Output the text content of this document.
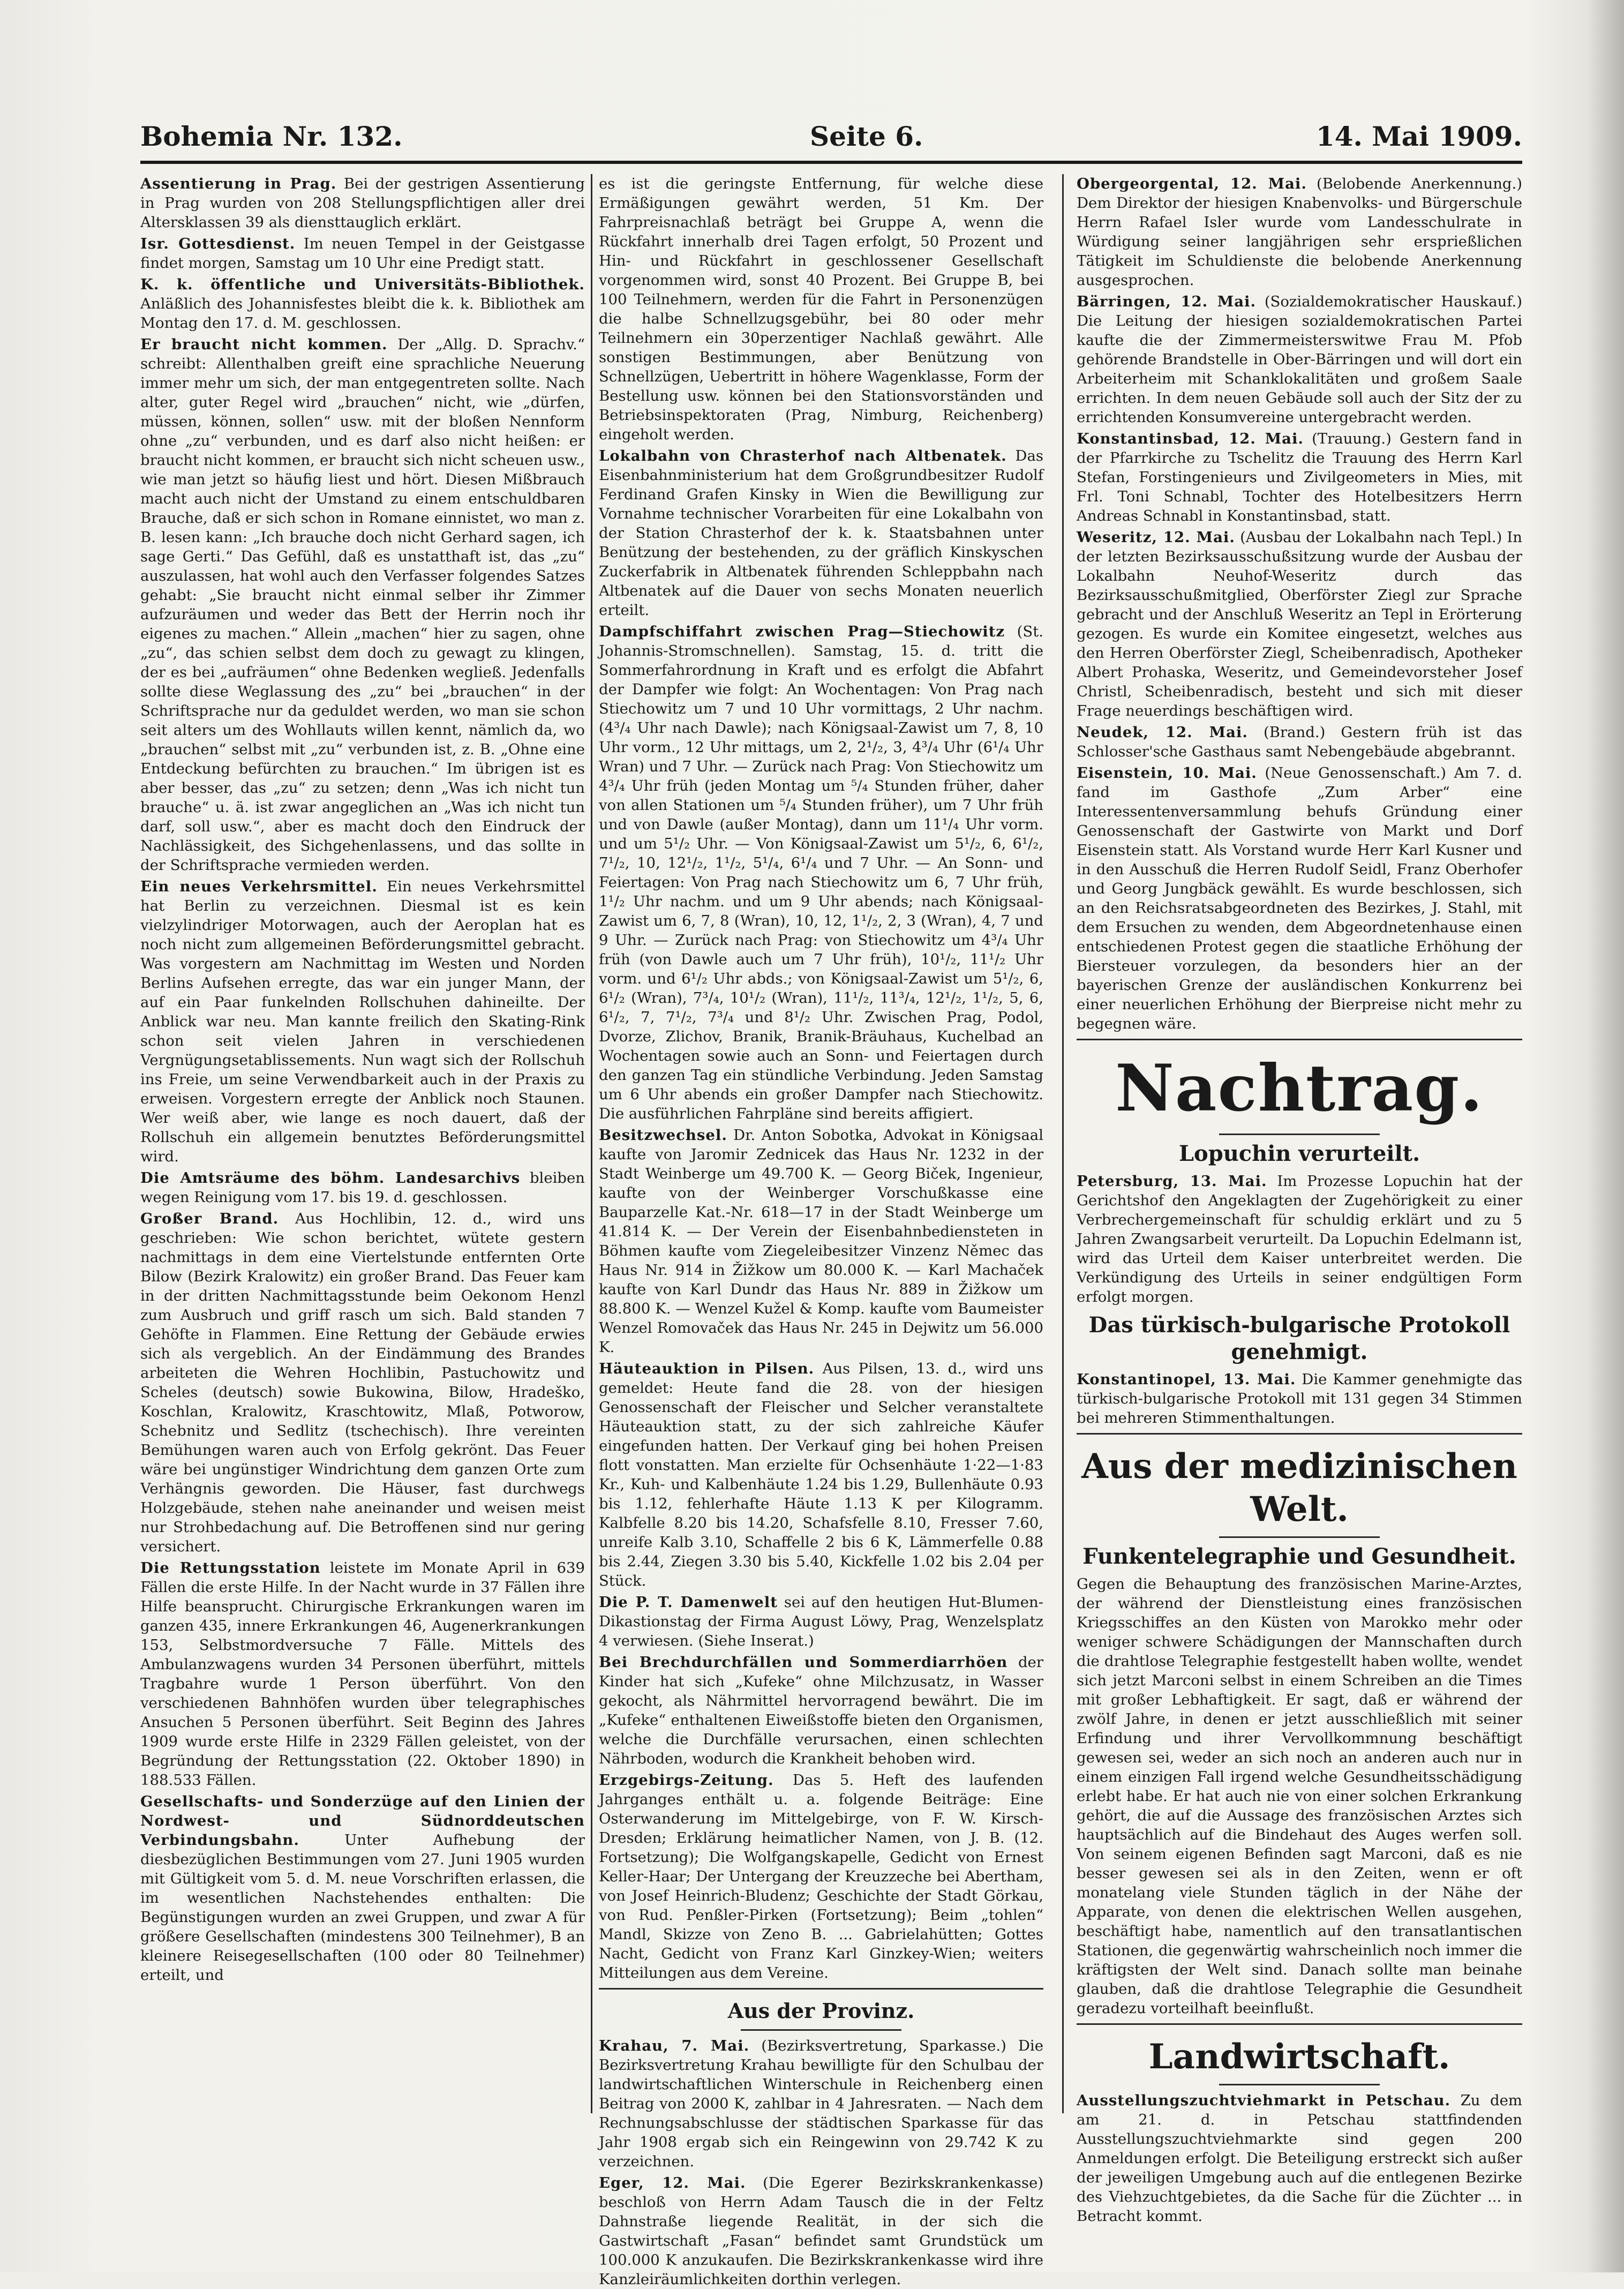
Bohemia Nr. 132.	Seite 6.	14. Mai 1909.

Assentierung in Prag. Bei der gestrigen Assentierung in Prag wurden von 208 Stellungspflichtigen aller drei Altersklassen 39 als diensttauglich erklärt.

Isr. Gottesdienst. Im neuen Tempel in der Geistgasse findet morgen, Samstag um 10 Uhr eine Predigt statt.

K. k. öffentliche und Universitäts-Bibliothek. Anläßlich des Johannisfestes bleibt die k. k. Bibliothek am Montag den 17. d. M. geschlossen.

Er braucht nicht kommen. Der „Allg. D. Sprachv.“ schreibt: Allenthalben greift eine sprachliche Neuerung immer mehr um sich, der man entgegentreten sollte. Nach alter, guter Regel wird „brauchen“ nicht, wie „dürfen, müssen, können, sollen“ usw. mit der bloßen Nennform ohne „zu“ verbunden, und es darf also nicht heißen: er braucht nicht kommen, er braucht sich nicht scheuen usw., wie man jetzt so häufig liest und hört. Diesen Mißbrauch macht auch nicht der Umstand zu einem entschuldbaren Brauche, daß er sich schon in Romane einnistet, wo man z. B. lesen kann: „Ich brauche doch nicht Gerhard sagen, ich sage Gerti.“ Das Gefühl, daß es unstatthaft ist, das „zu“ auszulassen, hat wohl auch den Verfasser folgendes Satzes gehabt: „Sie braucht nicht einmal selber ihr Zimmer aufzuräumen und weder das Bett der Herrin noch ihr eigenes zu machen.“ Allein „machen“ hier zu sagen, ohne „zu“, das schien selbst dem doch zu gewagt zu klingen, der es bei „aufräumen“ ohne Bedenken wegließ. Jedenfalls sollte diese Weglassung des „zu“ bei „brauchen“ in der Schriftsprache nur da geduldet werden, wo man sie schon seit alters um des Wohllauts willen kennt, nämlich da, wo „brauchen“ selbst mit „zu“ verbunden ist, z. B. „Ohne eine Entdeckung befürchten zu brauchen.“ Im übrigen ist es aber besser, das „zu“ zu setzen; denn „Was ich nicht tun brauche“ u. ä. ist zwar angeglichen an „Was ich nicht tun darf, soll usw.“, aber es macht doch den Eindruck der Nachlässigkeit, des Sichgehenlassens, und das sollte in der Schriftsprache vermieden werden.

Ein neues Verkehrsmittel. Ein neues Verkehrsmittel hat Berlin zu verzeichnen. Diesmal ist es kein vielzylindriger Motorwagen, auch der Aeroplan hat es noch nicht zum allgemeinen Beförderungsmittel gebracht. Was vorgestern am Nachmittag im Westen und Norden Berlins Aufsehen erregte, das war ein junger Mann, der auf ein Paar funkelnden Rollschuhen dahineilte. Der Anblick war neu. Man kannte freilich den Skating-Rink schon seit vielen Jahren in verschiedenen Vergnügungsetablissements. Nun wagt sich der Rollschuh ins Freie, um seine Verwendbarkeit auch in der Praxis zu erweisen. Vorgestern erregte der Anblick noch Staunen. Wer weiß aber, wie lange es noch dauert, daß der Rollschuh ein allgemein benutztes Beförderungsmittel wird.

Die Amtsräume des böhm. Landesarchivs bleiben wegen Reinigung vom 17. bis 19. d. geschlossen.

Großer Brand. Aus Hochlibin, 12. d., wird uns geschrieben: Wie schon berichtet, wütete gestern nachmittags in dem eine Viertelstunde entfernten Orte Bilow (Bezirk Kralowitz) ein großer Brand. Das Feuer kam in der dritten Nachmittagsstunde beim Oekonom Henzl zum Ausbruch und griff rasch um sich. Bald standen 7 Gehöfte in Flammen. Eine Rettung der Gebäude erwies sich als vergeblich. An der Eindämmung des Brandes arbeiteten die Wehren Hochlibin, Pastuchowitz und Scheles (deutsch) sowie Bukowina, Bilow, Hradeško, Koschlan, Kralowitz, Kraschtowitz, Mlaß, Potworow, Schebnitz und Sedlitz (tschechisch). Ihre vereinten Bemühungen waren auch von Erfolg gekrönt. Das Feuer wäre bei ungünstiger Windrichtung dem ganzen Orte zum Verhängnis geworden. Die Häuser, fast durchwegs Holzgebäude, stehen nahe aneinander und weisen meist nur Strohbedachung auf. Die Betroffenen sind nur gering versichert.

Die Rettungsstation leistete im Monate April in 639 Fällen die erste Hilfe. In der Nacht wurde in 37 Fällen ihre Hilfe beansprucht. Chirurgische Erkrankungen waren im ganzen 435, innere Erkrankungen 46, Augenerkrankungen 153, Selbstmordversuche 7 Fälle. Mittels des Ambulanzwagens wurden 34 Personen überführt, mittels Tragbahre wurde 1 Person überführt. Von den verschiedenen Bahnhöfen wurden über telegraphisches Ansuchen 5 Personen überführt. Seit Beginn des Jahres 1909 wurde erste Hilfe in 2329 Fällen geleistet, von der Begründung der Rettungsstation (22. Oktober 1890) in 188.533 Fällen.

Gesellschafts- und Sonderzüge auf den Linien der Nordwest- und Südnorddeutschen Verbindungsbahn.	Unter Aufhebung der diesbezüglichen Bestimmungen vom 27. Juni 1905 wurden mit Gültigkeit vom 5. d. M. neue Vorschriften erlassen, die im wesentlichen Nachstehendes enthalten: Die Begünstigungen wurden an zwei Gruppen, und zwar A für größere Gesellschaften (mindestens 300 Teilnehmer), B an kleinere Reisegesellschaften (100 oder 80 Teilnehmer) erteilt, und

es ist die geringste Entfernung, für welche diese Ermäßigungen gewährt werden, 51 Km. Der Fahrpreisnachlaß beträgt bei Gruppe A, wenn die Rückfahrt innerhalb drei Tagen erfolgt, 50 Prozent und Hin- und Rückfahrt in geschlossener Gesellschaft vorgenommen wird, sonst 40 Prozent. Bei Gruppe B, bei 100 Teilnehmern, werden für die Fahrt in Personenzügen die halbe Schnellzugsgebühr, bei 80 oder mehr Teilnehmern ein 30perzentiger Nachlaß gewährt. Alle sonstigen Bestimmungen, aber Benützung von Schnellzügen, Uebertritt in höhere Wagenklasse, Form der Bestellung usw. können bei den Stationsvorständen und Betriebsinspektoraten (Prag, Nimburg, Reichenberg) eingeholt werden.

Lokalbahn von Chrasterhof nach Altbenatek. Das Eisenbahnministerium hat dem Großgrundbesitzer Rudolf Ferdinand Grafen Kinsky in Wien die Bewilligung zur Vornahme technischer Vorarbeiten für eine Lokalbahn von der Station Chrasterhof der k. k. Staatsbahnen unter Benützung der bestehenden, zu der gräflich Kinskyschen Zuckerfabrik in Altbenatek führenden Schleppbahn nach Altbenatek auf die Dauer von sechs Monaten neuerlich erteilt.

Dampfschiffahrt zwischen Prag—Stiechowitz (St. Johannis-Stromschnellen). Samstag, 15. d. tritt die Sommerfahrordnung in Kraft und es erfolgt die Abfahrt der Dampfer wie folgt: An Wochentagen: Von Prag nach Stiechowitz um 7 und 10 Uhr vormittags, 2 Uhr nachm. (4³/₄ Uhr nach Dawle); nach Königsaal-Zawist um 7, 8, 10 Uhr vorm., 12 Uhr mittags, um 2, 2¹/₂, 3, 4³/₄ Uhr (6¹/₄ Uhr Wran) und 7 Uhr. — Zurück nach Prag: Von Stiechowitz um 4³/₄ Uhr früh (jeden Montag um ⁵/₄ Stunden früher, daher von allen Stationen um ⁵/₄ Stunden früher), um 7 Uhr früh und von Dawle (außer Montag), dann um 11¹/₄ Uhr vorm. und um 5¹/₂ Uhr. — Von Königsaal-Zawist um 5¹/₂, 6, 6¹/₂, 7¹/₂, 10, 12¹/₂, 1¹/₂, 5¹/₄, 6¹/₄ und 7 Uhr. — An Sonn- und Feiertagen: Von Prag nach Stiechowitz um 6, 7 Uhr früh, 1¹/₂ Uhr nachm. und um 9 Uhr abends; nach Königsaal-Zawist um 6, 7, 8 (Wran), 10, 12, 1¹/₂, 2, 3 (Wran), 4, 7 und 9 Uhr. — Zurück nach Prag: von Stiechowitz um 4³/₄ Uhr früh (von Dawle auch um 7 Uhr früh), 10¹/₂, 11¹/₂ Uhr vorm. und 6¹/₂ Uhr abds.; von Königsaal-Zawist um 5¹/₂, 6, 6¹/₂ (Wran), 7³/₄, 10¹/₂ (Wran), 11¹/₂, 11³/₄, 12¹/₂, 1¹/₂, 5, 6, 6¹/₂, 7, 7¹/₂, 7³/₄ und 8¹/₂ Uhr. Zwischen Prag, Podol, Dvorze, Zlichov, Branik, Branik-Bräuhaus, Kuchelbad an Wochentagen sowie auch an Sonn- und Feiertagen durch den ganzen Tag ein stündliche Verbindung. Jeden Samstag um 6 Uhr abends ein großer Dampfer nach Stiechowitz. Die ausführlichen Fahrpläne sind bereits affigiert.

Besitzwechsel. Dr. Anton Sobotka, Advokat in Königsaal kaufte von Jaromir Zednicek das Haus Nr. 1232 in der Stadt Weinberge um 49.700 K. — Georg Biček, Ingenieur, kaufte von der Weinberger Vorschußkasse eine Bauparzelle Kat.-Nr. 618—17 in der Stadt Weinberge um 41.814 K. — Der Verein der Eisenbahnbediensteten in Böhmen kaufte vom Ziegeleibesitzer Vinzenz Němec das Haus Nr. 914 in Žižkow um 80.000 K. — Karl Machaček kaufte von Karl Dundr das Haus Nr. 889 in Žižkow um 88.800 K. — Wenzel Kužel & Komp. kaufte vom Baumeister Wenzel Romovaček das Haus Nr. 245 in Dejwitz um 56.000 K.

Häuteauktion in Pilsen. Aus Pilsen, 13. d., wird uns gemeldet: Heute fand die 28. von der hiesigen Genossenschaft der Fleischer und Selcher veranstaltete Häuteauktion statt, zu der sich zahlreiche Käufer eingefunden hatten. Der Verkauf ging bei hohen Preisen flott vonstatten. Man erzielte für Ochsenhäute 1·22—1·83 Kr., Kuh- und Kalbenhäute 1.24 bis 1.29, Bullenhäute 0.93 bis 1.12, fehlerhafte Häute 1.13 K per Kilogramm. Kalbfelle 8.20 bis 14.20, Schafsfelle 8.10, Fresser 7.60, unreife Kalb 3.10, Schaffelle 2 bis 6 K, Lämmerfelle 0.88 bis 2.44, Ziegen 3.30 bis 5.40, Kickfelle 1.02 bis 2.04 per Stück.

Die P. T. Damenwelt sei auf den heutigen Hut-Blumen-Dikastionstag der Firma August Löwy, Prag, Wenzelsplatz 4 verwiesen. (Siehe Inserat.)

Bei Brechdurchfällen und Sommerdiarrhöen der Kinder hat sich „Kufeke“ ohne Milchzusatz, in Wasser gekocht, als Nährmittel hervorragend bewährt. Die im „Kufeke“ enthaltenen Eiweißstoffe bieten den Organismen, welche die Durchfälle verursachen, einen schlechten Nährboden, wodurch die Krankheit behoben wird.

Erzgebirgs-Zeitung. Das 5. Heft des laufenden Jahrganges enthält u. a. folgende Beiträge: Eine Osterwanderung im Mittelgebirge, von F. W. Kirsch-Dresden; Erklärung heimatlicher Namen, von J. B. (12. Fortsetzung); Die Wolfgangskapelle, Gedicht von Ernest Keller-Haar; Der Untergang der Kreuzzeche bei Abertham, von Josef Heinrich-Bludenz; Geschichte der Stadt Görkau, von Rud. Penßler-Pirken (Fortsetzung); Beim „tohlen“ Mandl, Skizze von Zeno B. ... Gabrielahütten; Gottes Nacht, Gedicht von Franz Karl Ginzkey-Wien; weiters Mitteilungen aus dem Vereine.

Aus der Provinz.

Krahau, 7. Mai. (Bezirksvertretung, Sparkasse.) Die Bezirksvertretung Krahau bewilligte für den Schulbau der landwirtschaftlichen Winterschule in Reichenberg einen Beitrag von 2000 K, zahlbar in 4 Jahresraten. — Nach dem Rechnungsabschlusse der städtischen Sparkasse für das Jahr 1908 ergab sich ein Reingewinn von 29.742 K zu verzeichnen.

Eger, 12. Mai. (Die Egerer Bezirkskrankenkasse) beschloß von Herrn Adam Tausch die in der Feltz Dahnstraße liegende Realität, in der sich die Gastwirtschaft „Fasan“ befindet samt Grundstück um 100.000 K anzukaufen. Die Bezirkskrankenkasse wird ihre Kanzleiräumlichkeiten dorthin verlegen.

Obergeorgental, 12. Mai. (Belobende Anerkennung.) Dem Direktor der hiesigen Knabenvolks- und Bürgerschule Herrn Rafael Isler wurde vom Landesschulrate in Würdigung seiner langjährigen sehr ersprießlichen Tätigkeit im Schuldienste die belobende Anerkennung ausgesprochen.

Bärringen, 12. Mai. (Sozialdemokratischer Hauskauf.) Die Leitung der hiesigen sozialdemokratischen Partei kaufte die der Zimmermeisterswitwe Frau M. Pfob gehörende Brandstelle in Ober-Bärringen und will dort ein Arbeiterheim mit Schanklokalitäten und großem Saale errichten. In dem neuen Gebäude soll auch der Sitz der zu errichtenden Konsumvereine untergebracht werden.

Konstantinsbad, 12. Mai. (Trauung.) Gestern fand in der Pfarrkirche zu Tschelitz die Trauung des Herrn Karl Stefan, Forstingenieurs und Zivilgeometers in Mies, mit Frl. Toni Schnabl, Tochter des Hotelbesitzers Herrn Andreas Schnabl in Konstantinsbad, statt.

Weseritz, 12. Mai. (Ausbau der Lokalbahn nach Tepl.) In der letzten Bezirksausschußsitzung wurde der Ausbau der Lokalbahn Neuhof-Weseritz durch das Bezirksausschußmitglied, Oberförster Ziegl zur Sprache gebracht und der Anschluß Weseritz an Tepl in Erörterung gezogen. Es wurde ein Komitee eingesetzt, welches aus den Herren Oberförster Ziegl, Scheibenradisch, Apotheker Albert Prohaska, Weseritz, und Gemeindevorsteher Josef Christl, Scheibenradisch, besteht und sich mit dieser Frage neuerdings beschäftigen wird.

Neudek, 12. Mai. (Brand.) Gestern früh ist das Schlosser'sche Gasthaus samt Nebengebäude abgebrannt.

Eisenstein, 10. Mai. (Neue Genossenschaft.) Am 7. d. fand im Gasthofe „Zum Arber“ eine Interessentenversammlung behufs Gründung einer Genossenschaft der Gastwirte von Markt und Dorf Eisenstein statt. Als Vorstand wurde Herr Karl Kusner und in den Ausschuß die Herren Rudolf Seidl, Franz Oberhofer und Georg Jungbäck gewählt. Es wurde beschlossen, sich an den Reichsratsabgeordneten des Bezirkes, J. Stahl, mit dem Ersuchen zu wenden, dem Abgeordnetenhause einen entschiedenen Protest gegen die staatliche Erhöhung der Biersteuer vorzulegen, da besonders hier an der bayerischen Grenze der ausländischen Konkurrenz bei einer neuerlichen Erhöhung der Bierpreise nicht mehr zu begegnen wäre.

Nachtrag.
Lopuchin verurteilt.

Petersburg, 13. Mai. Im Prozesse Lopuchin hat der Gerichtshof den Angeklagten der Zugehörigkeit zu einer Verbrechergemeinschaft für schuldig erklärt und zu 5 Jahren Zwangsarbeit verurteilt. Da Lopuchin Edelmann ist, wird das Urteil dem Kaiser unterbreitet werden. Die Verkündigung des Urteils in seiner endgültigen Form erfolgt morgen.

Das türkisch-bulgarische Protokoll genehmigt.

Konstantinopel, 13. Mai. Die Kammer genehmigte das türkisch-bulgarische Protokoll mit 131 gegen 34 Stimmen bei mehreren Stimmenthaltungen.

Aus der medizinischen Welt.
Funkentelegraphie und Gesundheit.

Gegen die Behauptung des französischen Marine-Arztes, der während der Dienstleistung eines französischen Kriegsschiffes an den Küsten von Marokko mehr oder weniger schwere Schädigungen der Mannschaften durch die drahtlose Telegraphie festgestellt haben wollte, wendet sich jetzt Marconi selbst in einem Schreiben an die Times mit großer Lebhaftigkeit. Er sagt, daß er während der zwölf Jahre, in denen er jetzt ausschließlich mit seiner Erfindung und ihrer Vervollkommnung beschäftigt gewesen sei, weder an sich noch an anderen auch nur in einem einzigen Fall irgend welche Gesundheitsschädigung erlebt habe. Er hat auch nie von einer solchen Erkrankung gehört, die auf die Aussage des französischen Arztes sich hauptsächlich auf die Bindehaut des Auges werfen soll. Von seinem eigenen Befinden sagt Marconi, daß es nie besser gewesen sei als in den Zeiten, wenn er oft monatelang viele Stunden täglich in der Nähe der Apparate, von denen die elektrischen Wellen ausgehen, beschäftigt habe, namentlich auf den transatlantischen Stationen, die gegenwärtig wahrscheinlich noch immer die kräftigsten der Welt sind. Danach sollte man beinahe glauben, daß die drahtlose Telegraphie die Gesundheit geradezu vorteilhaft beeinflußt.

Landwirtschaft.

Ausstellungszuchtviehmarkt in Petschau. Zu dem am 21. d. in Petschau stattfindenden Ausstellungszuchtviehmarkte sind gegen 200 Anmeldungen erfolgt. Die Beteiligung erstreckt sich außer der jeweiligen Umgebung auch auf die entlegenen Bezirke des Viehzuchtgebietes, da die Sache für die Züchter ... in Betracht kommt.
